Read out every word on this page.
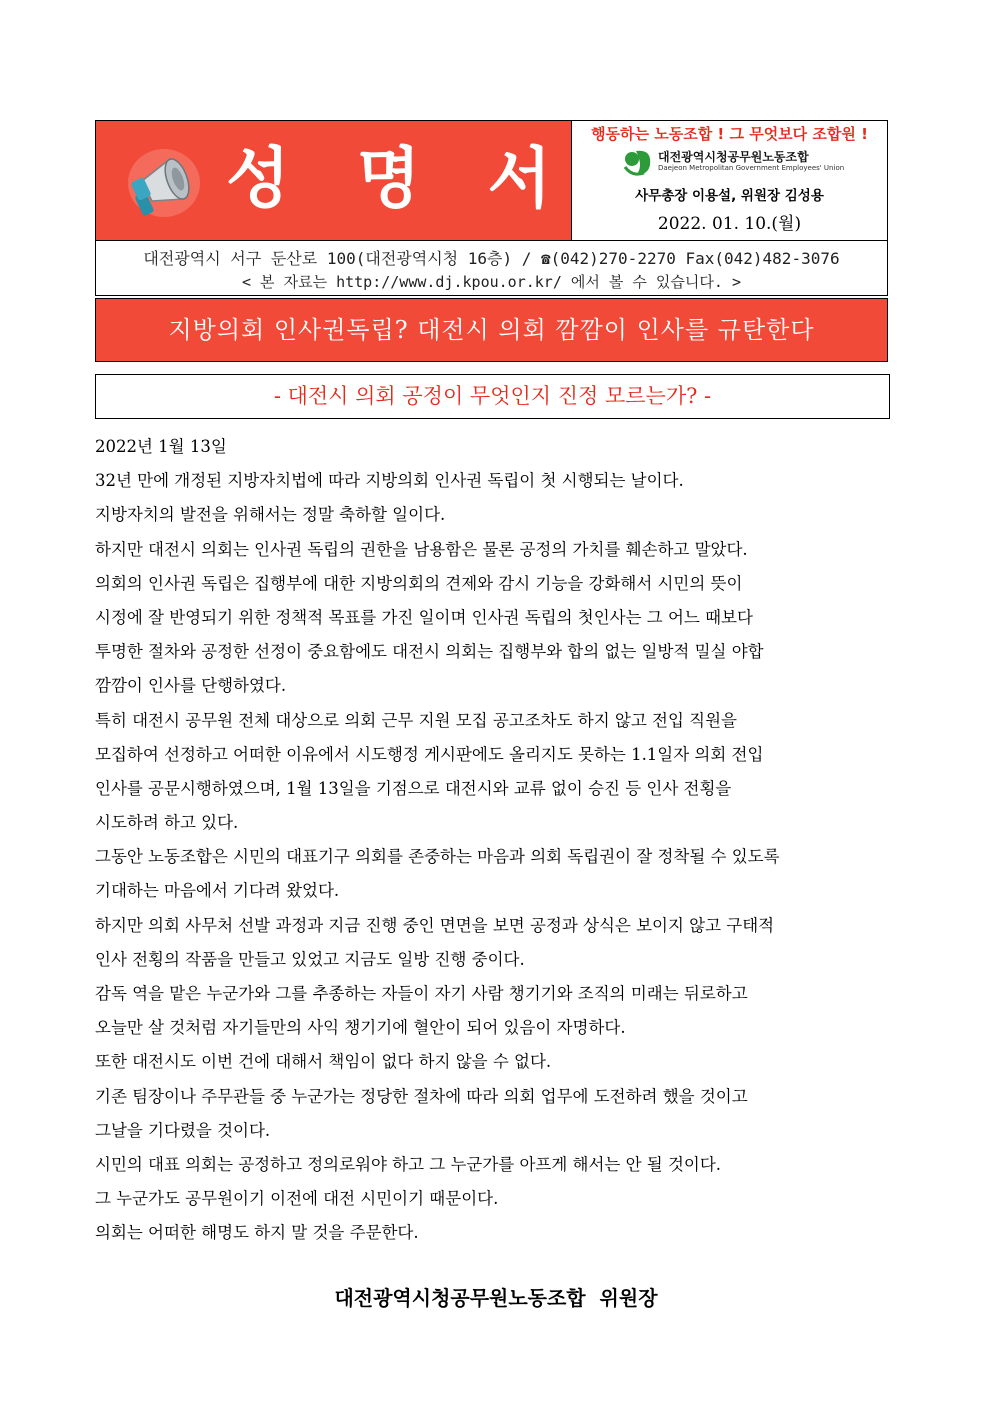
성 명 서
행동하는 노동조합 ! 그 무엇보다 조합원 !
대전광역시청공무원노동조합
Daejeon Metropolitan Government Employees' Union
사무총장 이용설, 위원장 김성용
2022. 01. 10.(월)
대전광역시 서구 둔산로 100(대전광역시청 16층) / ☎(042)270-2270 Fax(042)482-3076
< 본 자료는 http://www.dj.kpou.or.kr/ 에서 볼 수 있습니다. >
지방의회 인사권독립? 대전시 의회 깜깜이 인사를 규탄한다
- 대전시 의회 공정이 무엇인지 진정 모르는가? -
2022년 1월 13일
32년 만에 개정된 지방자치법에 따라 지방의회 인사권 독립이 첫 시행되는 날이다.
지방자치의 발전을 위해서는 정말 축하할 일이다.
하지만 대전시 의회는 인사권 독립의 권한을 남용함은 물론 공정의 가치를 훼손하고 말았다.
의회의 인사권 독립은 집행부에 대한 지방의회의 견제와 감시 기능을 강화해서 시민의 뜻이
시정에 잘 반영되기 위한 정책적 목표를 가진 일이며 인사권 독립의 첫인사는 그 어느 때보다
투명한 절차와 공정한 선정이 중요함에도 대전시 의회는 집행부와 합의 없는 일방적 밀실 야합
깜깜이 인사를 단행하였다.
특히 대전시 공무원 전체 대상으로 의회 근무 지원 모집 공고조차도 하지 않고 전입 직원을
모집하여 선정하고 어떠한 이유에서 시도행정 게시판에도 올리지도 못하는 1.1일자 의회 전입
인사를 공문시행하였으며, 1월 13일을 기점으로 대전시와 교류 없이 승진 등 인사 전횡을
시도하려 하고 있다.
그동안 노동조합은 시민의 대표기구 의회를 존중하는 마음과 의회 독립권이 잘 정착될 수 있도록
기대하는 마음에서 기다려 왔었다.
하지만 의회 사무처 선발 과정과 지금 진행 중인 면면을 보면 공정과 상식은 보이지 않고 구태적
인사 전횡의 작품을 만들고 있었고 지금도 일방 진행 중이다.
감독 역을 맡은 누군가와 그를 추종하는 자들이 자기 사람 챙기기와 조직의 미래는 뒤로하고
오늘만 살 것처럼 자기들만의 사익 챙기기에 혈안이 되어 있음이 자명하다.
또한 대전시도 이번 건에 대해서 책임이 없다 하지 않을 수 없다.
기존 팀장이나 주무관들 중 누군가는 정당한 절차에 따라 의회 업무에 도전하려 했을 것이고
그날을 기다렸을 것이다.
시민의 대표 의회는 공정하고 정의로워야 하고 그 누군가를 아프게 해서는 안 될 것이다.
그 누군가도 공무원이기 이전에 대전 시민이기 때문이다.
의회는 어떠한 해명도 하지 말 것을 주문한다.
대전광역시청공무원노동조합  위원장
